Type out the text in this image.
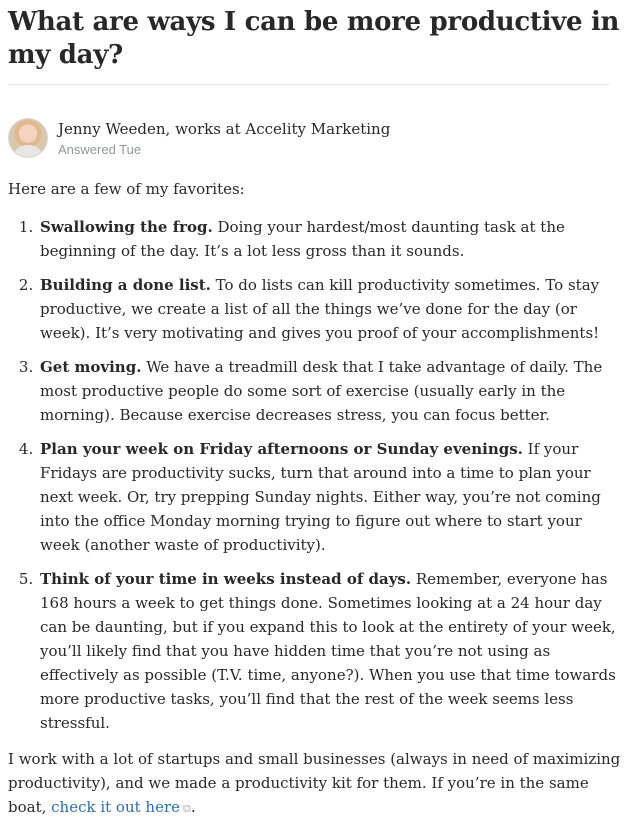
What are ways I can be more productive in my day?
Jenny Weeden, works at Accelity Marketing
Answered Tue

Here are a few of my favorites:

1. Swallowing the frog. Doing your hardest/most daunting task at the beginning of the day. It’s a lot less gross than it sounds.
2. Building a done list. To do lists can kill productivity sometimes. To stay productive, we create a list of all the things we’ve done for the day (or week). It’s very motivating and gives you proof of your accomplishments!
3. Get moving. We have a treadmill desk that I take advantage of daily. The most productive people do some sort of exercise (usually early in the morning). Because exercise decreases stress, you can focus better.
4. Plan your week on Friday afternoons or Sunday evenings. If your Fridays are productivity sucks, turn that around into a time to plan your next week. Or, try prepping Sunday nights. Either way, you’re not coming into the office Monday morning trying to figure out where to start your week (another waste of productivity).
5. Think of your time in weeks instead of days. Remember, everyone has 168 hours a week to get things done. Sometimes looking at a 24 hour day can be daunting, but if you expand this to look at the entirety of your week, you’ll likely find that you have hidden time that you’re not using as effectively as possible (T.V. time, anyone?). When you use that time towards more productive tasks, you’ll find that the rest of the week seems less stressful.

I work with a lot of startups and small businesses (always in need of maximizing productivity), and we made a productivity kit for them. If you’re in the same boat, check it out here ⧉.
